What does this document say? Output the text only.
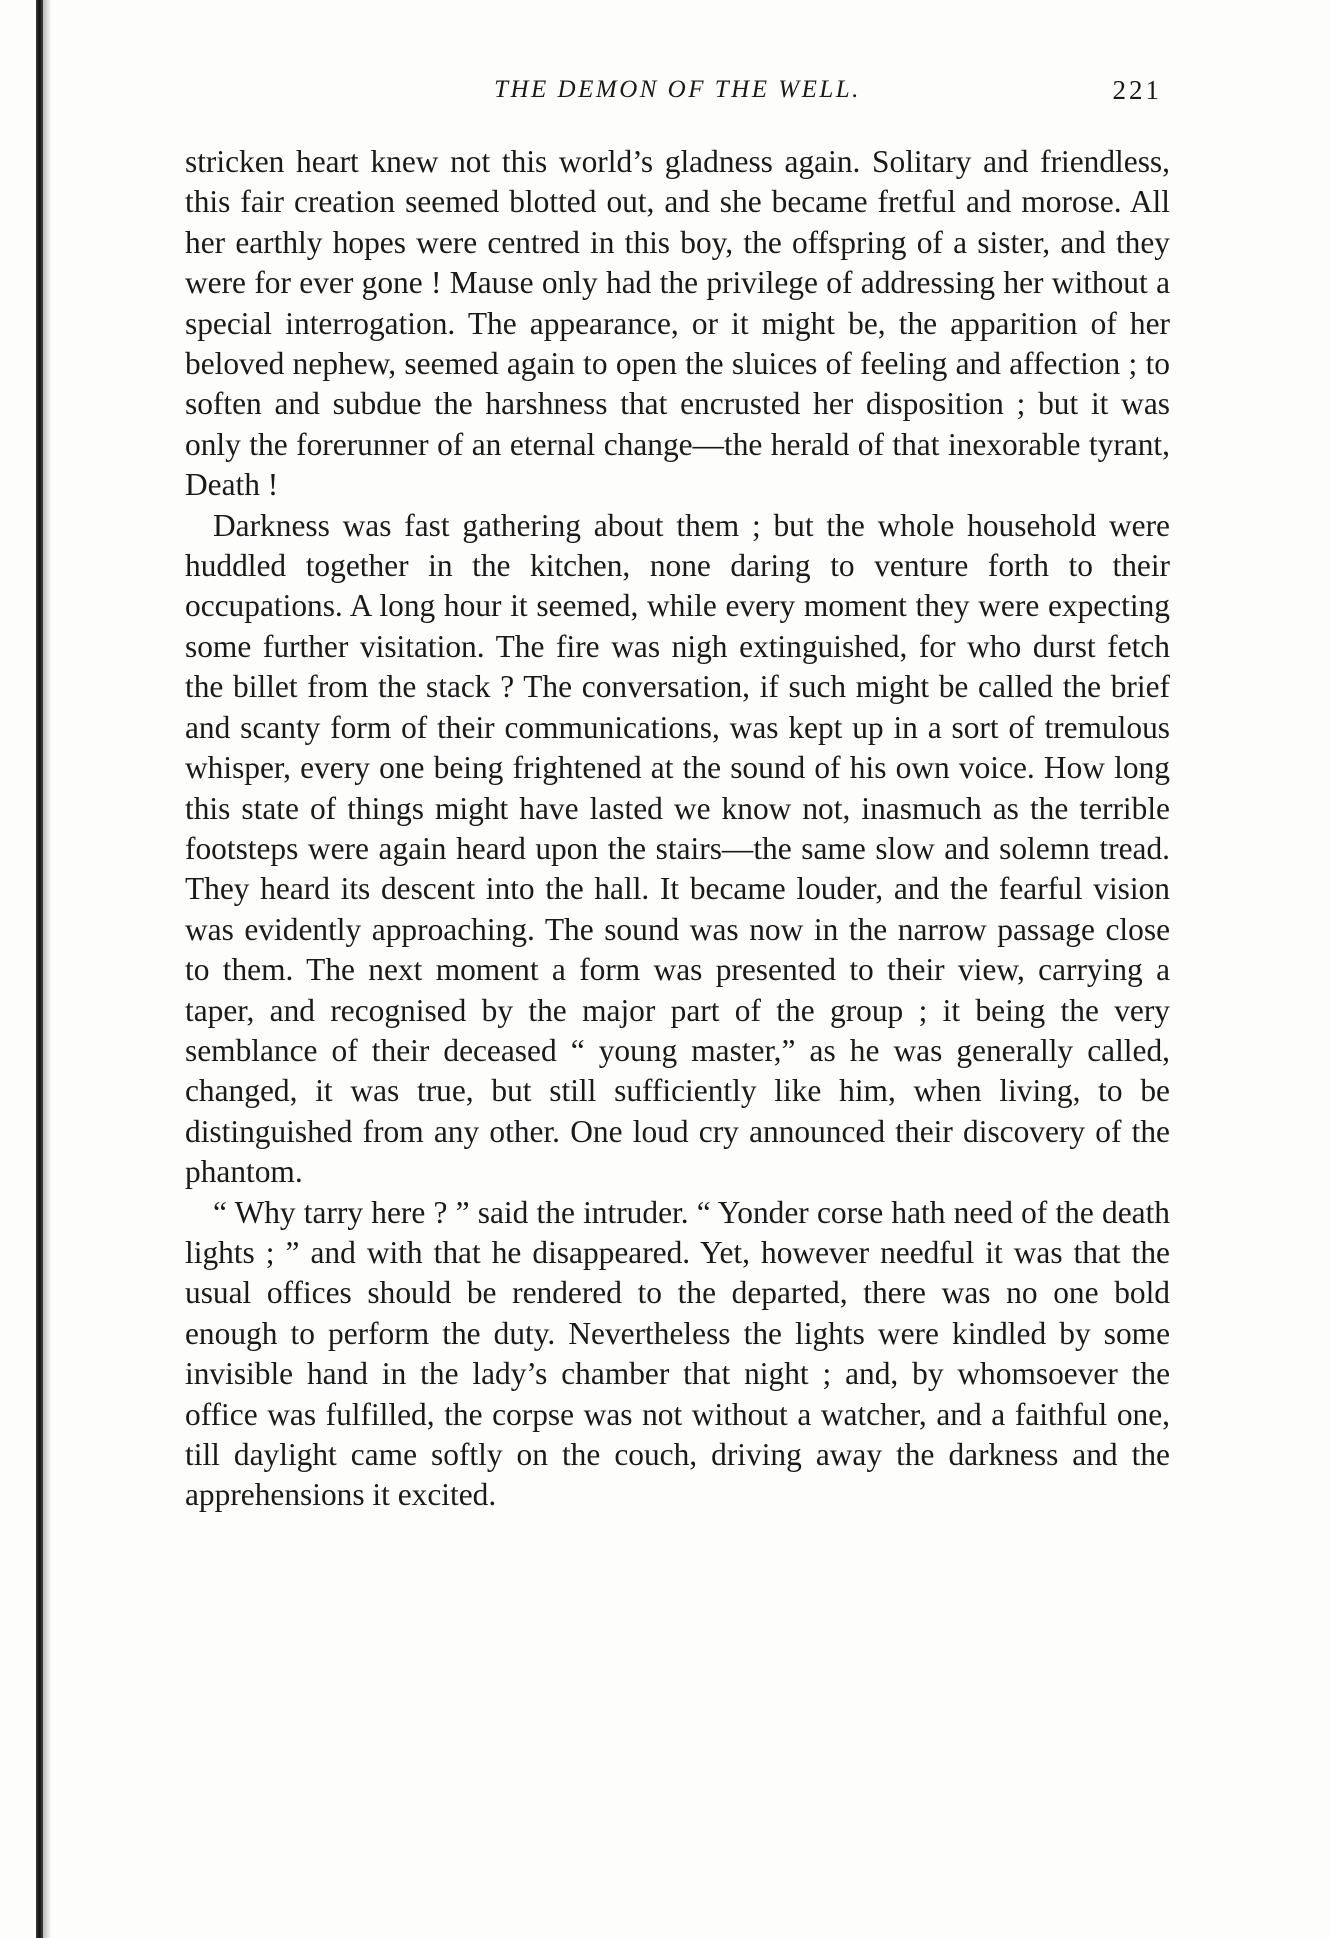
THE DEMON OF THE WELL.	221

stricken heart knew not this world’s gladness again. Solitary and friendless, this fair creation seemed blotted out, and she became fretful and morose. All her earthly hopes were centred in this boy, the offspring of a sister, and they were for ever gone ! Mause only had the privilege of addressing her without a special interrogation. The appearance, or it might be, the apparition of her beloved nephew, seemed again to open the sluices of feeling and affection ; to soften and subdue the harshness that encrusted her disposition ; but it was only the forerunner of an eternal change—the herald of that inexorable tyrant, Death !

Darkness was fast gathering about them ; but the whole household were huddled together in the kitchen, none daring to venture forth to their occupations. A long hour it seemed, while every moment they were expecting some further visitation. The fire was nigh extinguished, for who durst fetch the billet from the stack ? The conversation, if such might be called the brief and scanty form of their communications, was kept up in a sort of tremulous whisper, every one being frightened at the sound of his own voice. How long this state of things might have lasted we know not, inasmuch as the terrible footsteps were again heard upon the stairs—the same slow and solemn tread. They heard its descent into the hall. It became louder, and the fearful vision was evidently approaching. The sound was now in the narrow passage close to them. The next moment a form was presented to their view, carrying a taper, and recognised by the major part of the group ; it being the very semblance of their deceased “ young master,” as he was generally called, changed, it was true, but still sufficiently like him, when living, to be distinguished from any other. One loud cry announced their discovery of the phantom.

“ Why tarry here ? ” said the intruder. “ Yonder corse hath need of the death lights ; ” and with that he disappeared. Yet, however needful it was that the usual offices should be rendered to the departed, there was no one bold enough to perform the duty. Nevertheless the lights were kindled by some invisible hand in the lady’s chamber that night ; and, by whomsoever the office was fulfilled, the corpse was not without a watcher, and a faithful one, till daylight came softly on the couch, driving away the darkness and the apprehensions it excited.
